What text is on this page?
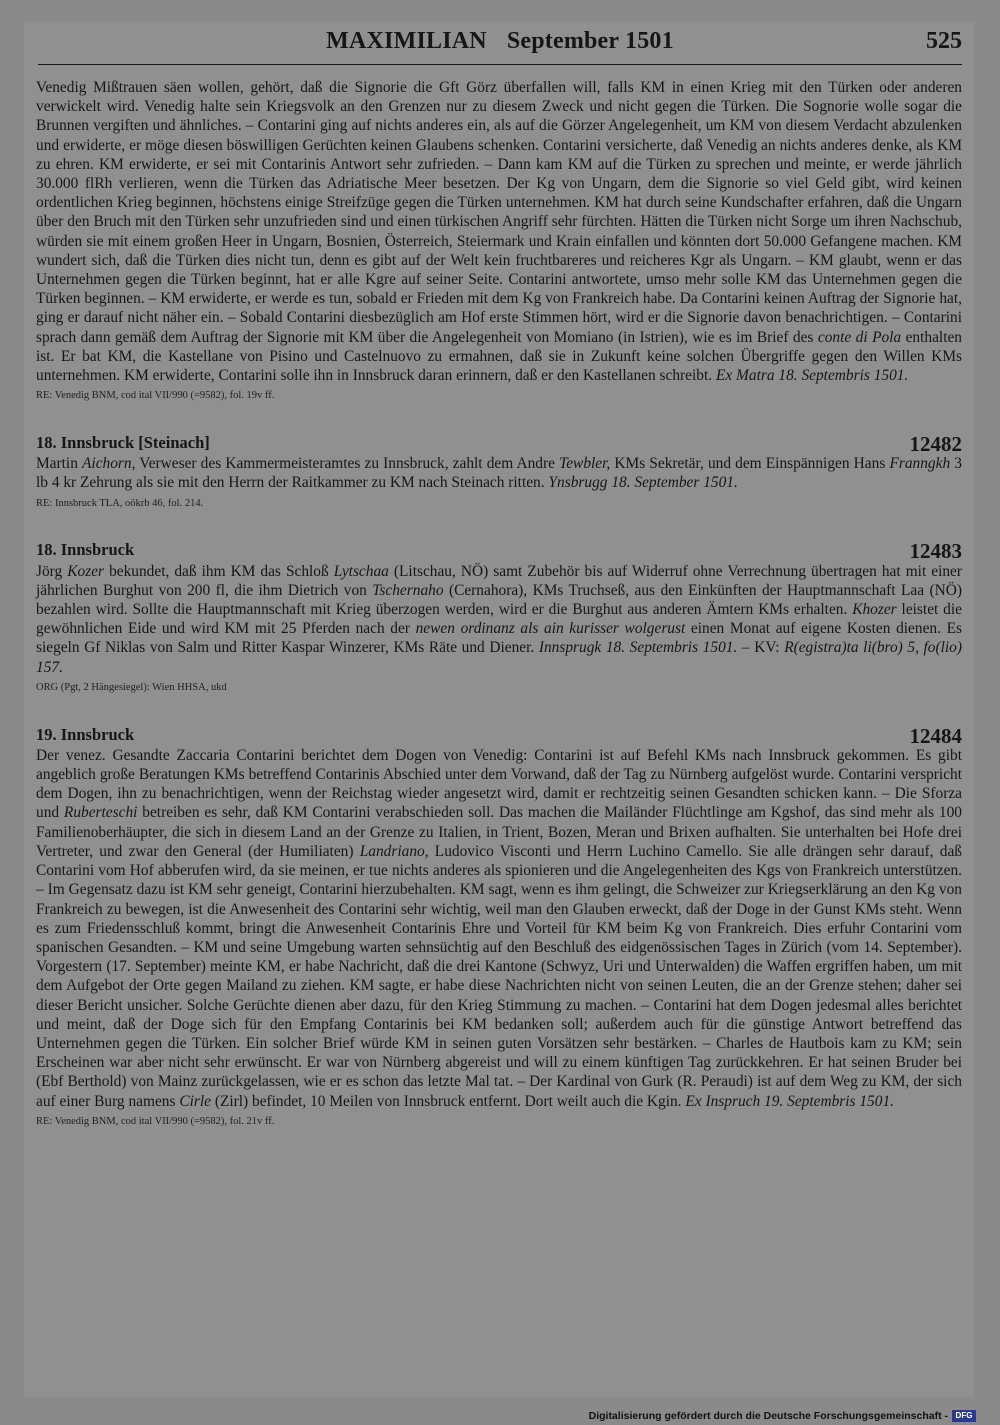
MAXIMILIAN September 1501	525

Venedig Mißtrauen säen wollen, gehört, daß die Signorie die Gft Görz überfallen will, falls KM in einen Krieg mit den Türken oder anderen verwickelt wird. Venedig halte sein Kriegsvolk an den Grenzen nur zu diesem Zweck und nicht gegen die Türken. Die Sognorie wolle sogar die Brunnen vergiften und ähnliches. – Contarini ging auf nichts anderes ein, als auf die Görzer Angelegenheit, um KM von diesem Verdacht abzulenken und erwiderte, er möge diesen böswilligen Gerüchten keinen Glaubens schenken. Contarini versicherte, daß Venedig an nichts anderes denke, als KM zu ehren. KM erwiderte, er sei mit Contarinis Antwort sehr zufrieden. – Dann kam KM auf die Türken zu sprechen und meinte, er werde jährlich 30.000 flRh verlieren, wenn die Türken das Adriatische Meer besetzen. Der Kg von Ungarn, dem die Signorie so viel Geld gibt, wird keinen ordentlichen Krieg beginnen, höchstens einige Streifzüge gegen die Türken unternehmen. KM hat durch seine Kundschafter erfahren, daß die Ungarn über den Bruch mit den Türken sehr unzufrieden sind und einen türkischen Angriff sehr fürchten. Hätten die Türken nicht Sorge um ihren Nachschub, würden sie mit einem großen Heer in Ungarn, Bosnien, Österreich, Steiermark und Krain einfallen und könnten dort 50.000 Gefangene machen. KM wundert sich, daß die Türken dies nicht tun, denn es gibt auf der Welt kein fruchtbareres und reicheres Kgr als Ungarn. – KM glaubt, wenn er das Unternehmen gegen die Türken beginnt, hat er alle Kgre auf seiner Seite. Contarini antwortete, umso mehr solle KM das Unternehmen gegen die Türken beginnen. – KM erwiderte, er werde es tun, sobald er Frieden mit dem Kg von Frankreich habe. Da Contarini keinen Auftrag der Signorie hat, ging er darauf nicht näher ein. – Sobald Contarini diesbezüglich am Hof erste Stimmen hört, wird er die Signorie davon benachrichtigen. – Contarini sprach dann gemäß dem Auftrag der Signorie mit KM über die Angelegenheit von Momiano (in Istrien), wie es im Brief des conte di Pola enthalten ist. Er bat KM, die Kastellane von Pisino und Castelnuovo zu ermahnen, daß sie in Zukunft keine solchen Übergriffe gegen den Willen KMs unternehmen. KM erwiderte, Contarini solle ihn in Innsbruck daran erinnern, daß er den Kastellanen schreibt. Ex Matra 18. Septembris 1501.

RE: Venedig BNM, cod ital VII/990 (=9582), fol. 19v ff.

18. Innsbruck [Steinach]	12482

Martin Aichorn, Verweser des Kammermeisteramtes zu Innsbruck, zahlt dem Andre Tewbler, KMs Sekretär, und dem Einspännigen Hans Franngkh 3 lb 4 kr Zehrung als sie mit den Herrn der Raitkammer zu KM nach Steinach ritten. Ynsbrugg 18. September 1501.

RE: Innsbruck TLA, oökrb 46, fol. 214.

18. Innsbruck	12483

Jörg Kozer bekundet, daß ihm KM das Schloß Lytschaa (Litschau, NÖ) samt Zubehör bis auf Widerruf ohne Verrechnung übertragen hat mit einer jährlichen Burghut von 200 fl, die ihm Dietrich von Tschernaho (Cernahora), KMs Truchseß, aus den Einkünften der Hauptmannschaft Laa (NÖ) bezahlen wird. Sollte die Hauptmannschaft mit Krieg überzogen werden, wird er die Burghut aus anderen Ämtern KMs erhalten. Khozer leistet die gewöhnlichen Eide und wird KM mit 25 Pferden nach der newen ordinanz als ain kurisser wolgerust einen Monat auf eigene Kosten dienen. Es siegeln Gf Niklas von Salm und Ritter Kaspar Winzerer, KMs Räte und Diener. Innsprugk 18. Septembris 1501. – KV: R(egistra)ta li(bro) 5, fo(lio) 157.

ORG (Pgt, 2 Hängesiegel): Wien HHSA, ukd

19. Innsbruck	12484

Der venez. Gesandte Zaccaria Contarini berichtet dem Dogen von Venedig: Contarini ist auf Befehl KMs nach Innsbruck gekommen. Es gibt angeblich große Beratungen KMs betreffend Contarinis Abschied unter dem Vorwand, daß der Tag zu Nürnberg aufgelöst wurde. Contarini verspricht dem Dogen, ihn zu benachrichtigen, wenn der Reichstag wieder angesetzt wird, damit er rechtzeitig seinen Gesandten schicken kann. – Die Sforza und Ruberteschi betreiben es sehr, daß KM Contarini verabschieden soll. Das machen die Mailänder Flüchtlinge am Kgshof, das sind mehr als 100 Familienoberhäupter, die sich in diesem Land an der Grenze zu Italien, in Trient, Bozen, Meran und Brixen aufhalten. Sie unterhalten bei Hofe drei Vertreter, und zwar den General (der Humiliaten) Landriano, Ludovico Visconti und Herrn Luchino Camello. Sie alle drängen sehr darauf, daß Contarini vom Hof abberufen wird, da sie meinen, er tue nichts anderes als spionieren und die Angelegenheiten des Kgs von Frankreich unterstützen. – Im Gegensatz dazu ist KM sehr geneigt, Contarini hierzubehalten. KM sagt, wenn es ihm gelingt, die Schweizer zur Kriegserklärung an den Kg von Frankreich zu bewegen, ist die Anwesenheit des Contarini sehr wichtig, weil man den Glauben erweckt, daß der Doge in der Gunst KMs steht. Wenn es zum Friedensschluß kommt, bringt die Anwesenheit Contarinis Ehre und Vorteil für KM beim Kg von Frankreich. Dies erfuhr Contarini vom spanischen Gesandten. – KM und seine Umgebung warten sehnsüchtig auf den Beschluß des eidgenössischen Tages in Zürich (vom 14. September). Vorgestern (17. September) meinte KM, er habe Nachricht, daß die drei Kantone (Schwyz, Uri und Unterwalden) die Waffen ergriffen haben, um mit dem Aufgebot der Orte gegen Mailand zu ziehen. KM sagte, er habe diese Nachrichten nicht von seinen Leuten, die an der Grenze stehen; daher sei dieser Bericht unsicher. Solche Gerüchte dienen aber dazu, für den Krieg Stimmung zu machen. – Contarini hat dem Dogen jedesmal alles berichtet und meint, daß der Doge sich für den Empfang Contarinis bei KM bedanken soll; außerdem auch für die günstige Antwort betreffend das Unternehmen gegen die Türken. Ein solcher Brief würde KM in seinen guten Vorsätzen sehr bestärken. – Charles de Hautbois kam zu KM; sein Erscheinen war aber nicht sehr erwünscht. Er war von Nürnberg abgereist und will zu einem künftigen Tag zurückkehren. Er hat seinen Bruder bei (Ebf Berthold) von Mainz zurückgelassen, wie er es schon das letzte Mal tat. – Der Kardinal von Gurk (R. Peraudi) ist auf dem Weg zu KM, der sich auf einer Burg namens Cirle (Zirl) befindet, 10 Meilen von Innsbruck entfernt. Dort weilt auch die Kgin. Ex Inspruch 19. Septembris 1501.

RE: Venedig BNM, cod ital VII/990 (=9582), fol. 21v ff.

Digitalisierung gefördert durch die Deutsche Forschungsgemeinschaft - DFG
